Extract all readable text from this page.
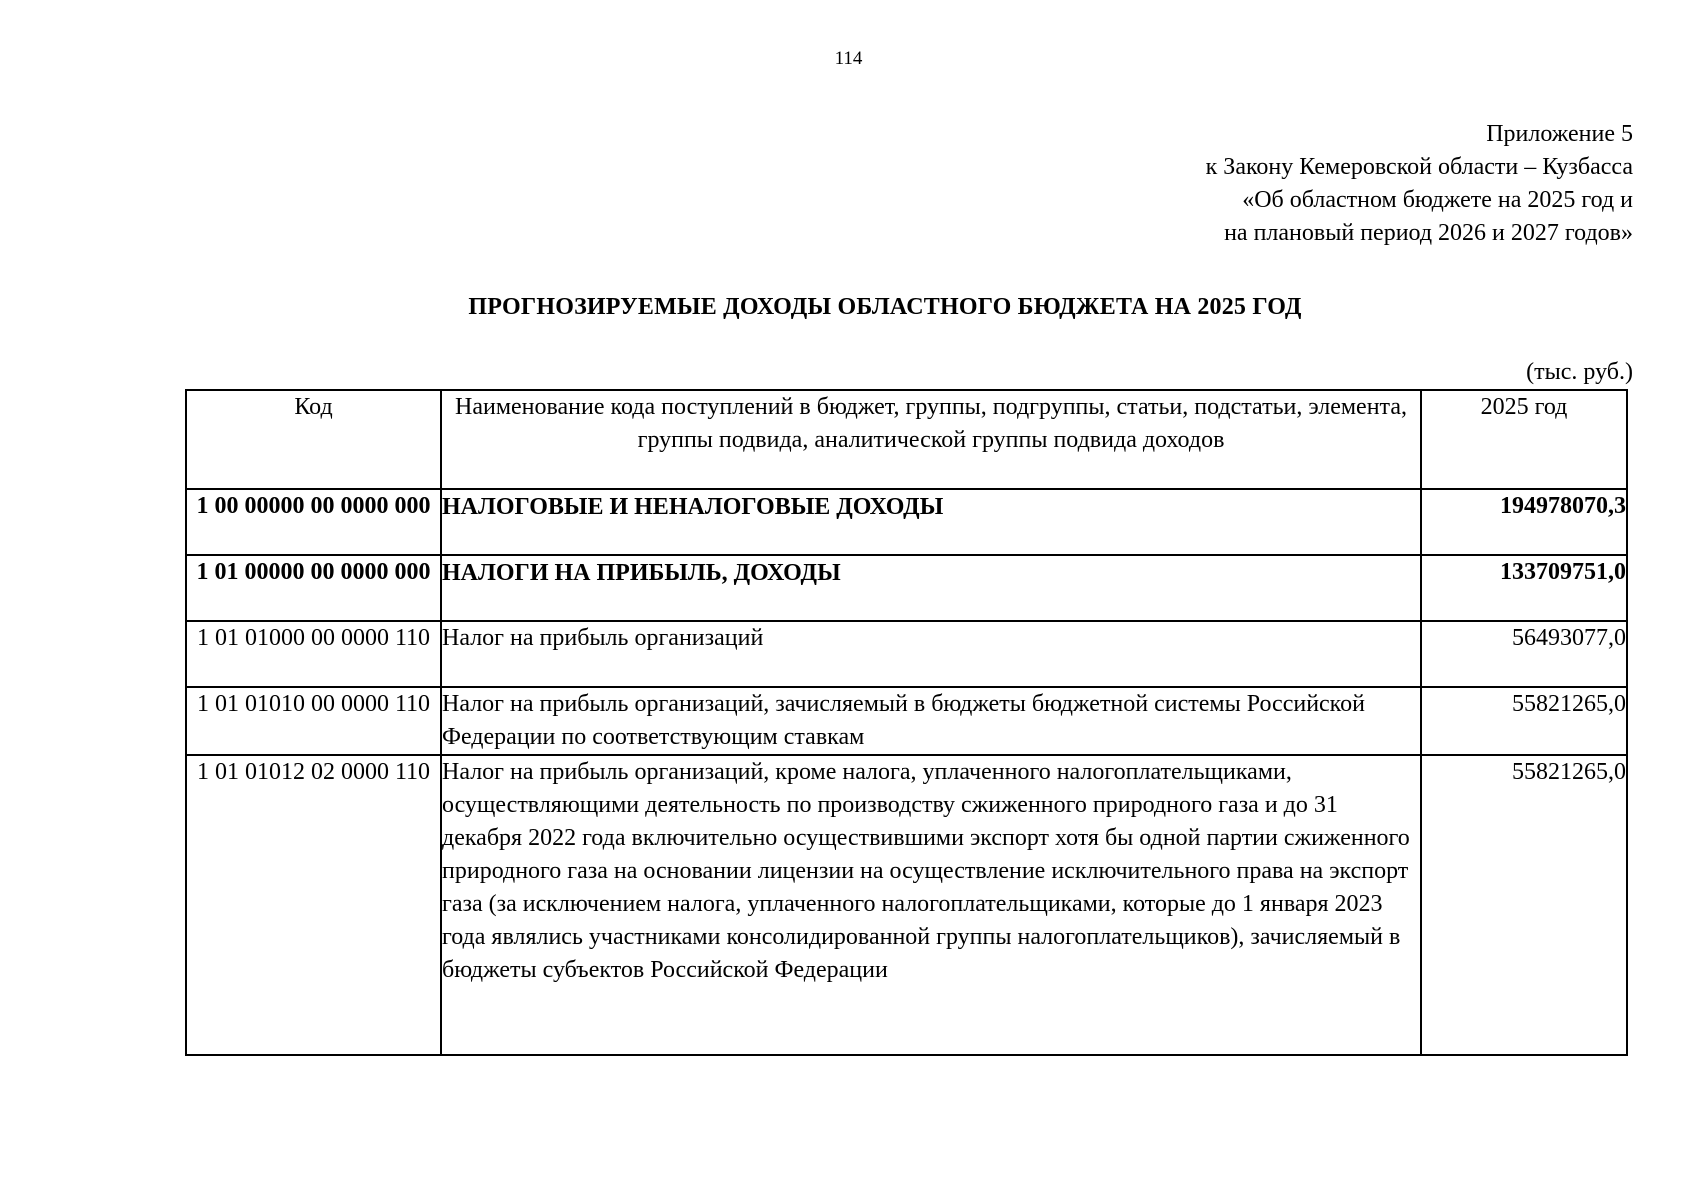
114
Приложение 5
к Закону Кемеровской области – Кузбасса
«Об областном бюджете на 2025 год и
на плановый период 2026 и 2027 годов»
ПРОГНОЗИРУЕМЫЕ ДОХОДЫ ОБЛАСТНОГО БЮДЖЕТА НА 2025 ГОД
(тыс. руб.)
Код	Наименование кода поступлений в бюджет, группы, подгруппы, статьи, подстатьи, элемента, группы подвида, аналитической группы подвида доходов	2025 год
1 00 00000 00 0000 000	НАЛОГОВЫЕ И НЕНАЛОГОВЫЕ ДОХОДЫ	194978070,3
1 01 00000 00 0000 000	НАЛОГИ НА ПРИБЫЛЬ, ДОХОДЫ	133709751,0
1 01 01000 00 0000 110	Налог на прибыль организаций	56493077,0
1 01 01010 00 0000 110	Налог на прибыль организаций, зачисляемый в бюджеты бюджетной системы Российской Федерации по соответствующим ставкам	55821265,0
1 01 01012 02 0000 110	Налог на прибыль организаций, кроме налога, уплаченного налогоплательщиками, осуществляющими деятельность по производству сжиженного природного газа и до 31 декабря 2022 года включительно осуществившими экспорт хотя бы одной партии сжиженного природного газа на основании лицензии на осуществление исключительного права на экспорт газа (за исключением налога, уплаченного налогоплательщиками, которые до 1 января 2023 года являлись участниками консолидированной группы налогоплательщиков), зачисляемый в бюджеты субъектов Российской Федерации	55821265,0
